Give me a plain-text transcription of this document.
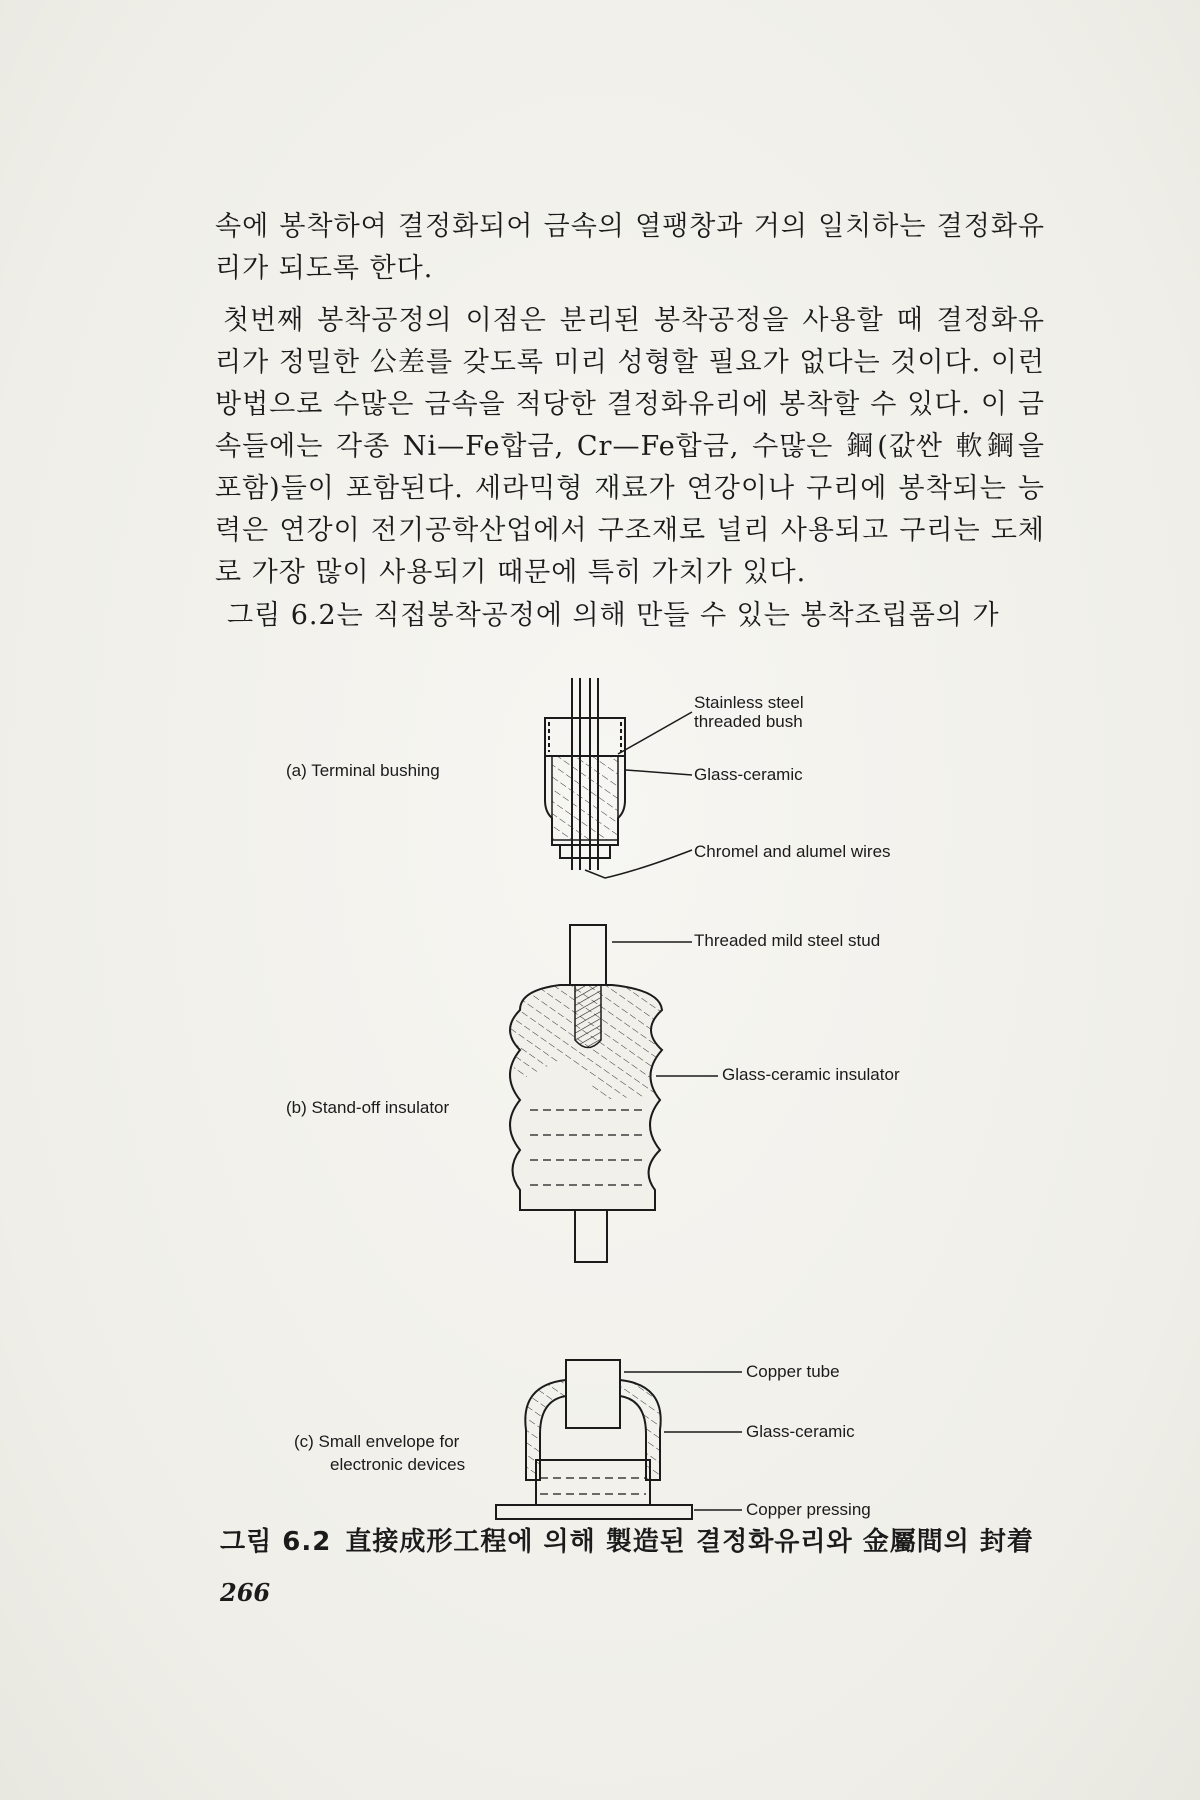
속에 봉착하여 결정화되어 금속의 열팽창과 거의 일치하는 결정화유리가 되도록 한다.

첫번째 봉착공정의 이점은 분리된 봉착공정을 사용할 때 결정화유리가 정밀한 公差를 갖도록 미리 성형할 필요가 없다는 것이다. 이런 방법으로 수많은 금속을 적당한 결정화유리에 봉착할 수 있다. 이 금속들에는 각종 Ni—Fe합금, Cr—Fe합금, 수많은 鋼(값싼 軟鋼을 포함)들이 포함된다. 세라믹형 재료가 연강이나 구리에 봉착되는 능력은 연강이 전기공학산업에서 구조재로 널리 사용되고 구리는 도체로 가장 많이 사용되기 때문에 특히 가치가 있다.

그림 6.2는 직접봉착공정에 의해 만들 수 있는 봉착조립품의 가

(a) Terminal bushing
Stainless steel
threaded bush
Glass-ceramic
Chromel and alumel wires
(b) Stand-off insulator
Threaded mild steel stud
Glass-ceramic insulator
(c) Small envelope for
electronic devices
Copper tube
Glass-ceramic
Copper pressing

그림 6.2 直接成形工程에 의해 製造된 결정화유리와 金屬間의 封着

266
